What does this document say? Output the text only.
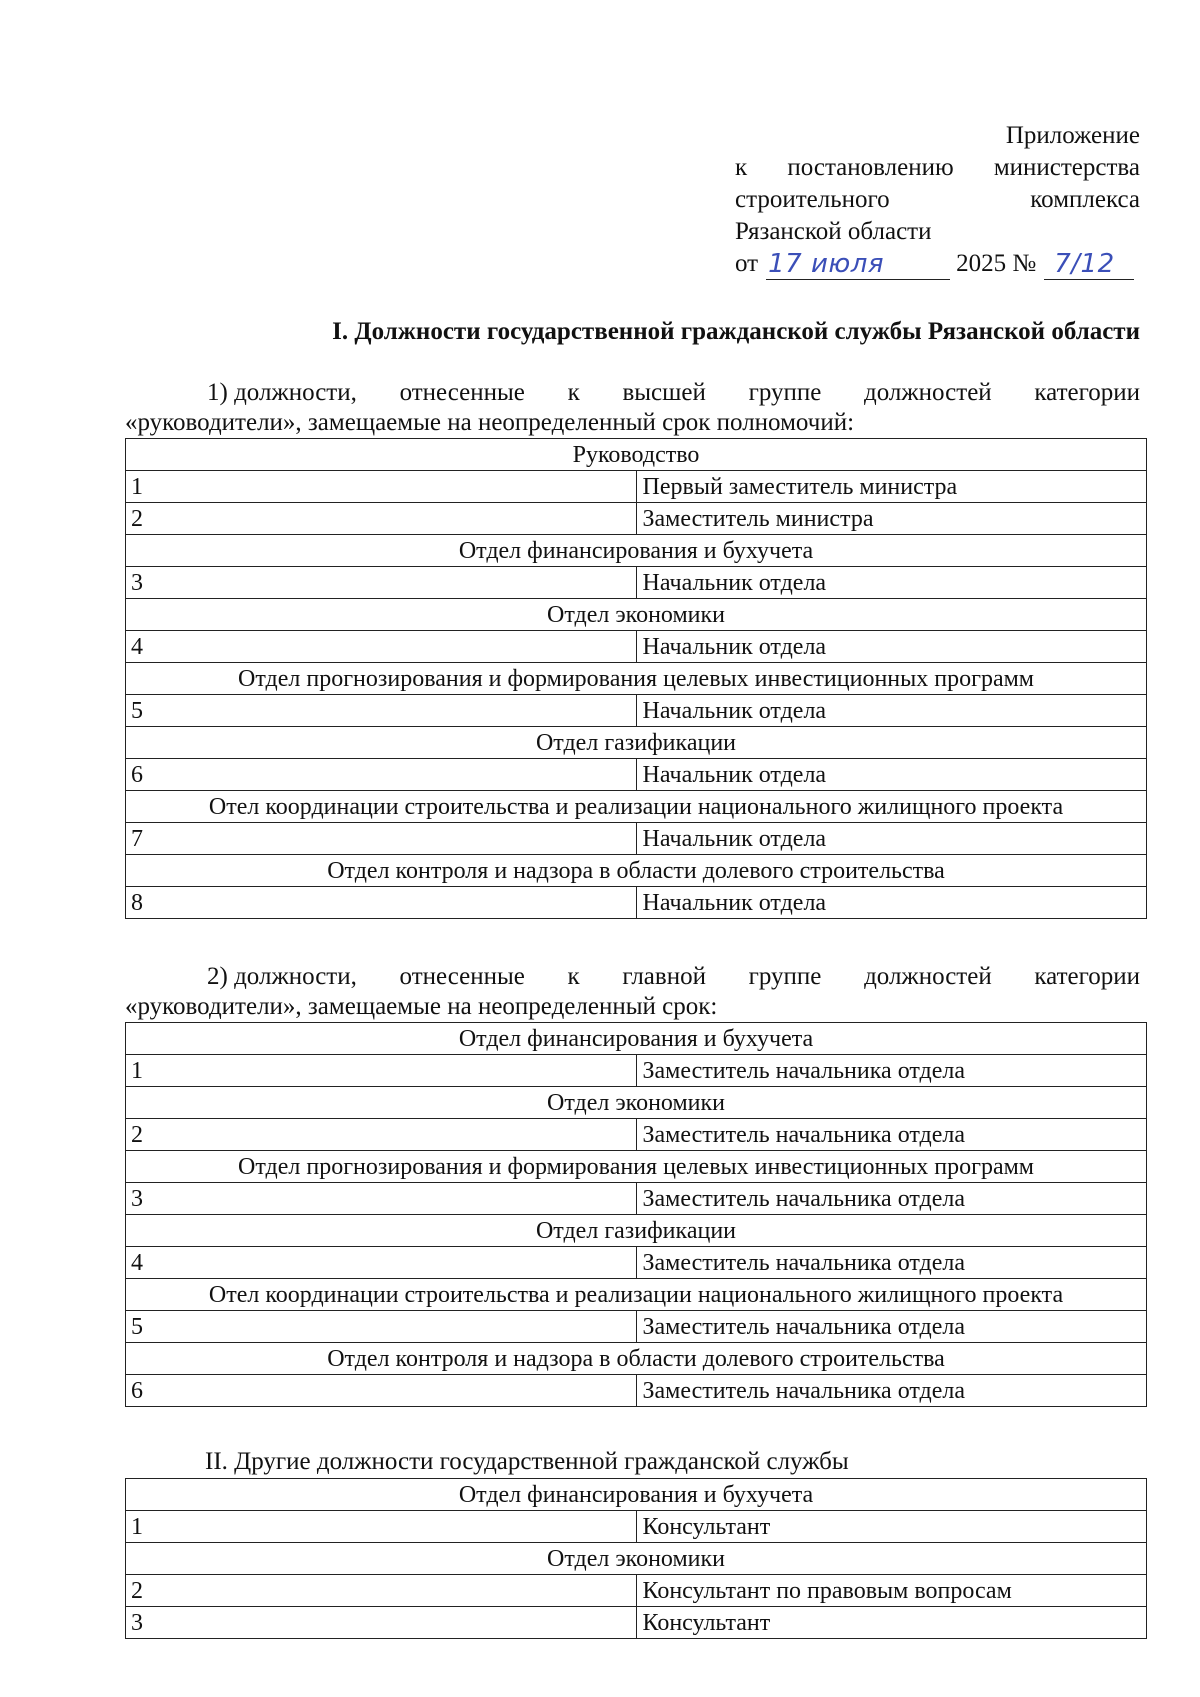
Приложение
к постановлению министерства
строительного	комплекса
Рязанской области
от 17 июля	2025 № 7/12
I. Должности государственной гражданской службы Рязанской области
1) должности, отнесенные к высшей группе должностей категории
«руководители», замещаемые на неопределенный срок полномочий:
Руководство	
1	Первый заместитель министра
2	Заместитель министра
Отдел финансирования и бухучета	
3	Начальник отдела
Отдел экономики	
4	Начальник отдела
Отдел прогнозирования и формирования целевых инвестиционных программ	
5	Начальник отдела
Отдел газификации	
6	Начальник отдела
Отел координации строительства и реализации национального жилищного проекта	
7	Начальник отдела
Отдел контроля и надзора в области долевого строительства	
8	Начальник отдела
2) должности, отнесенные к главной группе должностей категории
«руководители», замещаемые на неопределенный срок:
Отдел финансирования и бухучета	
1	Заместитель начальника отдела
Отдел экономики	
2	Заместитель начальника отдела
Отдел прогнозирования и формирования целевых инвестиционных программ	
3	Заместитель начальника отдела
Отдел газификации	
4	Заместитель начальника отдела
Отел координации строительства и реализации национального жилищного проекта	
5	Заместитель начальника отдела
Отдел контроля и надзора в области долевого строительства	
6	Заместитель начальника отдела
II. Другие должности государственной гражданской службы
Отдел финансирования и бухучета	
1	Консультант
Отдел экономики	
2	Консультант по правовым вопросам
3	Консультант
